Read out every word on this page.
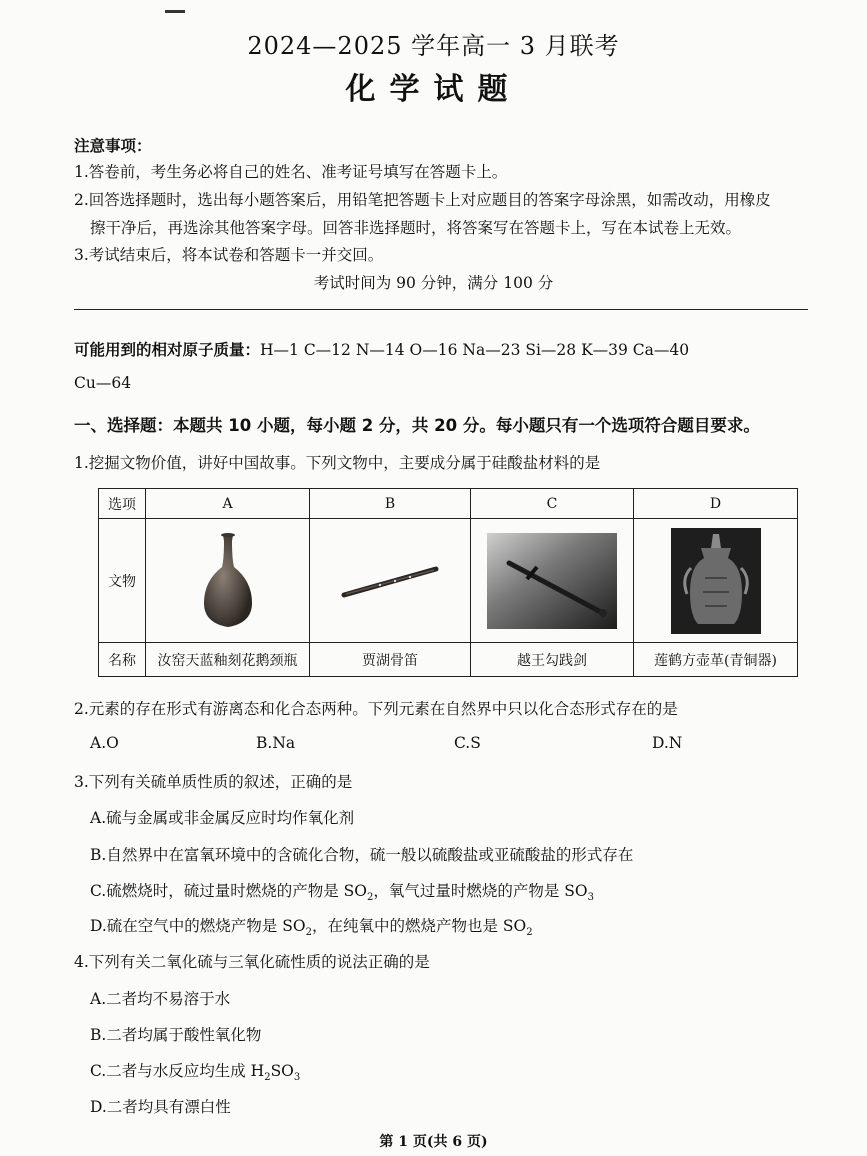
2024—2025 学年高一 3 月联考
化学试题
注意事项：
1.答卷前，考生务必将自己的姓名、准考证号填写在答题卡上。
2.回答选择题时，选出每小题答案后，用铅笔把答题卡上对应题目的答案字母涂黑，如需改动，用橡皮
擦干净后，再选涂其他答案字母。回答非选择题时，将答案写在答题卡上，写在本试卷上无效。
3.考试结束后，将本试卷和答题卡一并交回。
考试时间为 90 分钟，满分 100 分
可能用到的相对原子质量：H—1 C—12 N—14 O—16 Na—23 Si—28 K—39 Ca—40
Cu—64
一、选择题：本题共 10 小题，每小题 2 分，共 20 分。每小题只有一个选项符合题目要求。
1.挖掘文物价值，讲好中国故事。下列文物中，主要成分属于硅酸盐材料的是
选项	A	B	C	D
文物				
名称	汝窑天蓝釉刻花鹅颈瓶	贾湖骨笛	越王勾践剑	莲鹤方壶革(青铜器)
2.元素的存在形式有游离态和化合态两种。下列元素在自然界中只以化合态形式存在的是
A.O	B.Na	C.S	D.N
3.下列有关硫单质性质的叙述，正确的是
A.硫与金属或非金属反应时均作氧化剂
B.自然界中在富氧环境中的含硫化合物，硫一般以硫酸盐或亚硫酸盐的形式存在
C.硫燃烧时，硫过量时燃烧的产物是 $SO_2$，氧气过量时燃烧的产物是 $SO_3$
D.硫在空气中的燃烧产物是 $SO_2$，在纯氧中的燃烧产物也是 $SO_2$
4.下列有关二氧化硫与三氧化硫性质的说法正确的是
A.二者均不易溶于水
B.二者均属于酸性氧化物
C.二者与水反应均生成 $H_2SO_3$
D.二者均具有漂白性
第 1 页(共 6 页)
